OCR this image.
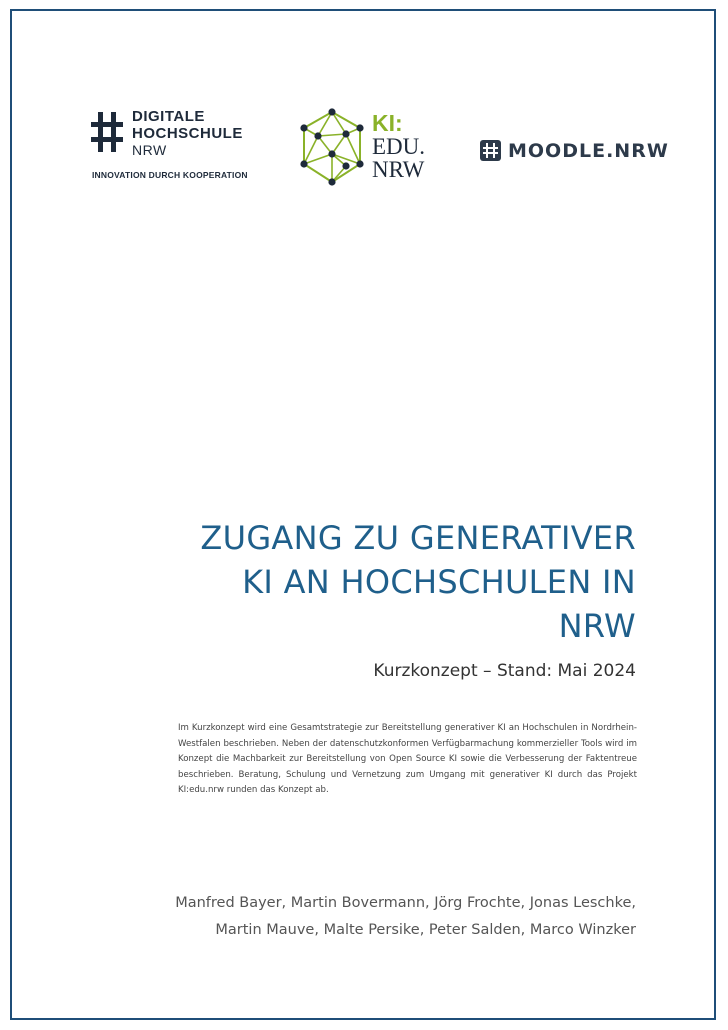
DIGITALE
HOCHSCHULE
NRW
INNOVATION DURCH KOOPERATION
KI:
EDU.
NRW
MOODLE.NRW
ZUGANG ZU GENERATIVER
KI AN HOCHSCHULEN IN
NRW
Kurzkonzept – Stand: Mai 2024
Im Kurzkonzept wird eine Gesamtstrategie zur Bereitstellung generativer KI an Hochschulen in Nordrhein-Westfalen beschrieben. Neben der datenschutzkonformen Verfügbarmachung kommerzieller Tools wird im Konzept die Machbarkeit zur Bereitstellung von Open Source KI sowie die Verbesserung der Faktentreue beschrieben. Beratung, Schulung und Vernetzung zum Umgang mit generativer KI durch das Projekt KI:edu.nrw runden das Konzept ab.
Manfred Bayer, Martin Bovermann, Jörg Frochte, Jonas Leschke,
Martin Mauve, Malte Persike, Peter Salden, Marco Winzker
